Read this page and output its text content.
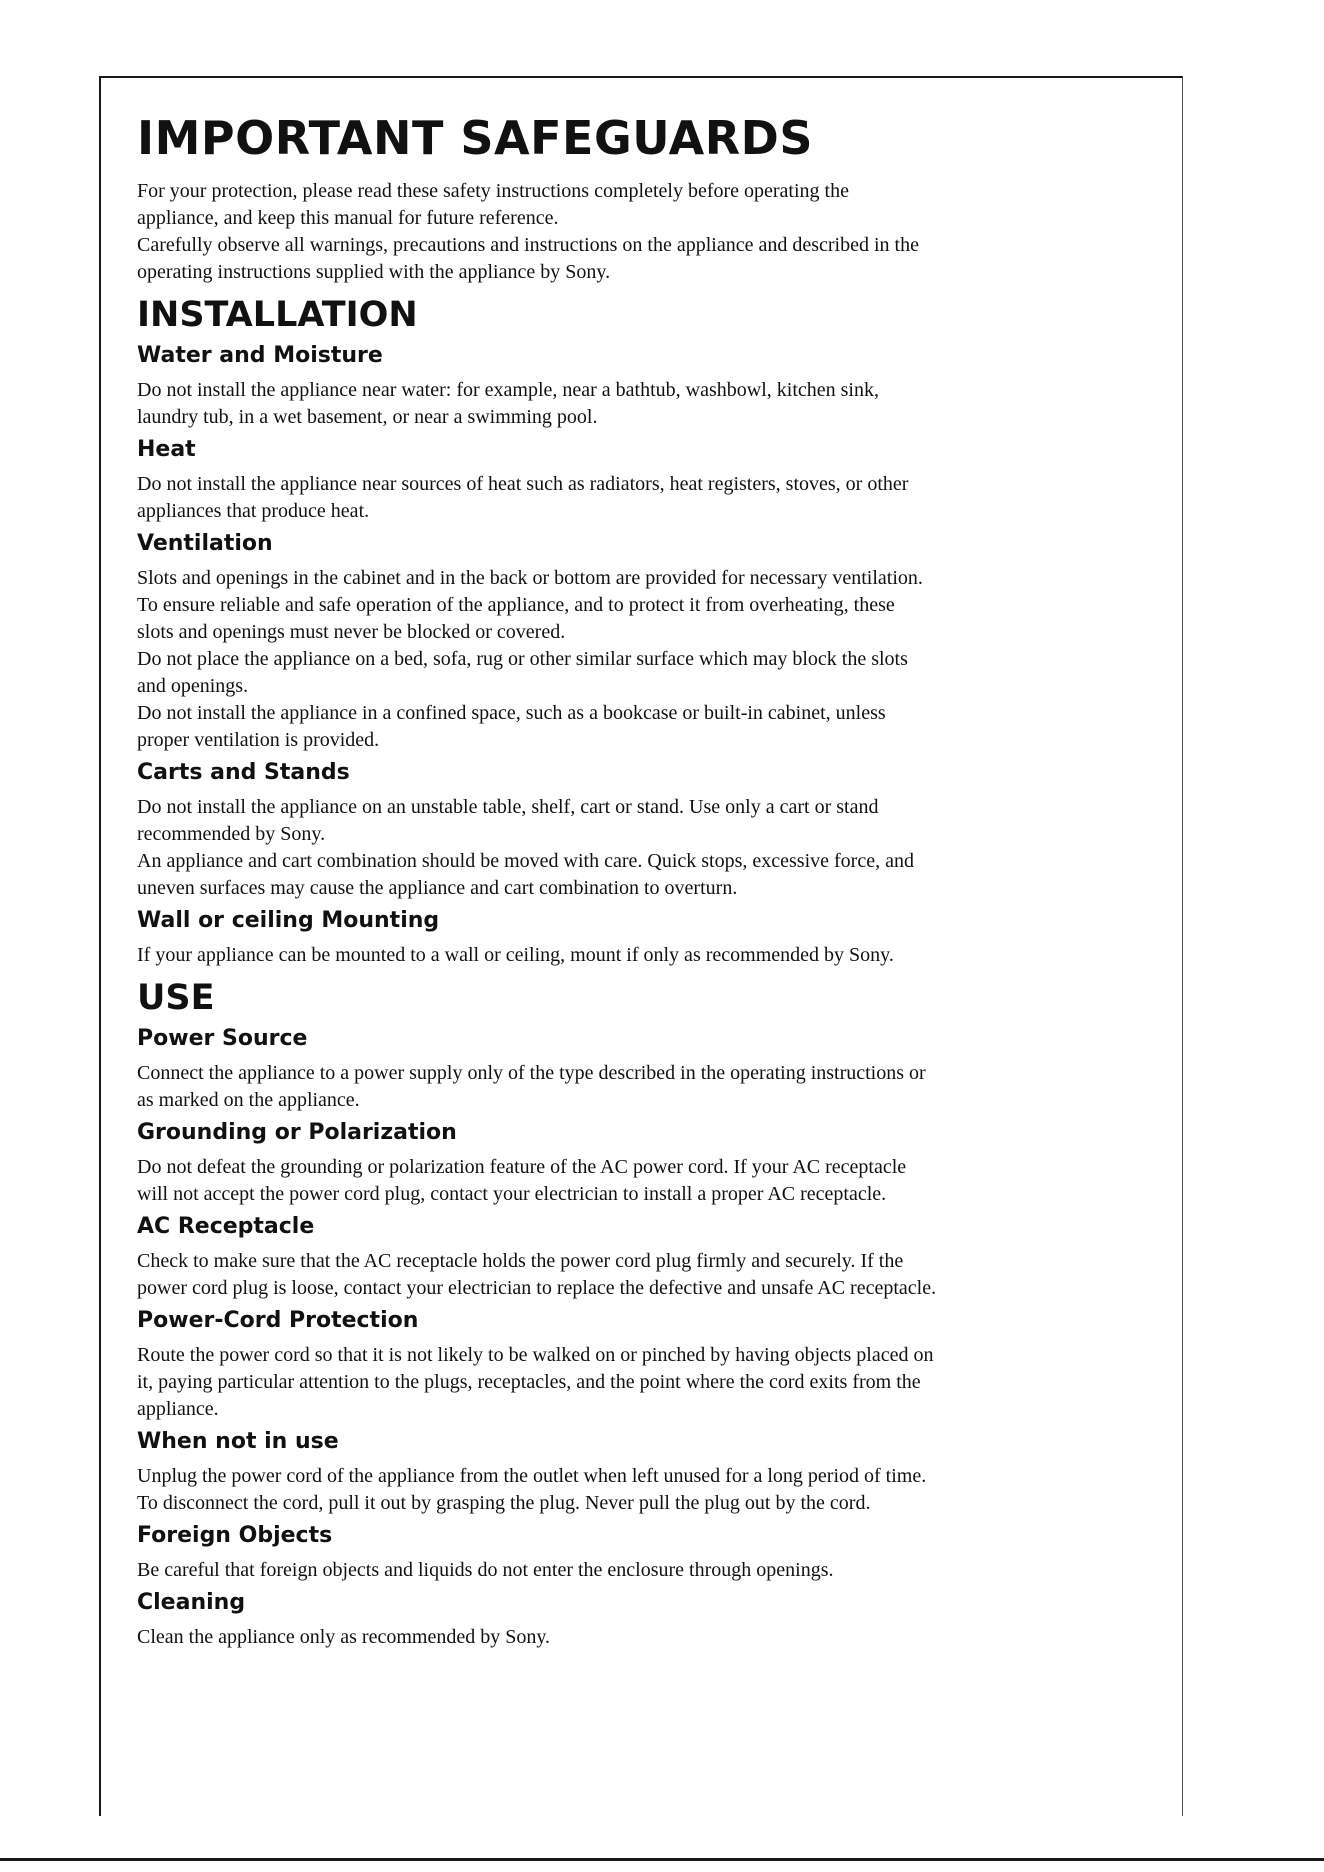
IMPORTANT SAFEGUARDS

For your protection, please read these safety instructions completely before operating the
appliance, and keep this manual for future reference.
Carefully observe all warnings, precautions and instructions on the appliance and described in the
operating instructions supplied with the appliance by Sony.

INSTALLATION
Water and Moisture

Do not install the appliance near water: for example, near a bathtub, washbowl, kitchen sink,
laundry tub, in a wet basement, or near a swimming pool.

Heat

Do not install the appliance near sources of heat such as radiators, heat registers, stoves, or other
appliances that produce heat.

Ventilation

Slots and openings in the cabinet and in the back or bottom are provided for necessary ventilation.
To ensure reliable and safe operation of the appliance, and to protect it from overheating, these
slots and openings must never be blocked or covered.
Do not place the appliance on a bed, sofa, rug or other similar surface which may block the slots
and openings.
Do not install the appliance in a confined space, such as a bookcase or built-in cabinet, unless
proper ventilation is provided.

Carts and Stands

Do not install the appliance on an unstable table, shelf, cart or stand. Use only a cart or stand
recommended by Sony.
An appliance and cart combination should be moved with care. Quick stops, excessive force, and
uneven surfaces may cause the appliance and cart combination to overturn.

Wall or ceiling Mounting

If your appliance can be mounted to a wall or ceiling, mount if only as recommended by Sony.

USE
Power Source

Connect the appliance to a power supply only of the type described in the operating instructions or
as marked on the appliance.

Grounding or Polarization

Do not defeat the grounding or polarization feature of the AC power cord. If your AC receptacle
will not accept the power cord plug, contact your electrician to install a proper AC receptacle.

AC Receptacle

Check to make sure that the AC receptacle holds the power cord plug firmly and securely. If the
power cord plug is loose, contact your electrician to replace the defective and unsafe AC receptacle.

Power-Cord Protection

Route the power cord so that it is not likely to be walked on or pinched by having objects placed on
it, paying particular attention to the plugs, receptacles, and the point where the cord exits from the
appliance.

When not in use

Unplug the power cord of the appliance from the outlet when left unused for a long period of time.
To disconnect the cord, pull it out by grasping the plug. Never pull the plug out by the cord.

Foreign Objects

Be careful that foreign objects and liquids do not enter the enclosure through openings.

Cleaning

Clean the appliance only as recommended by Sony.
